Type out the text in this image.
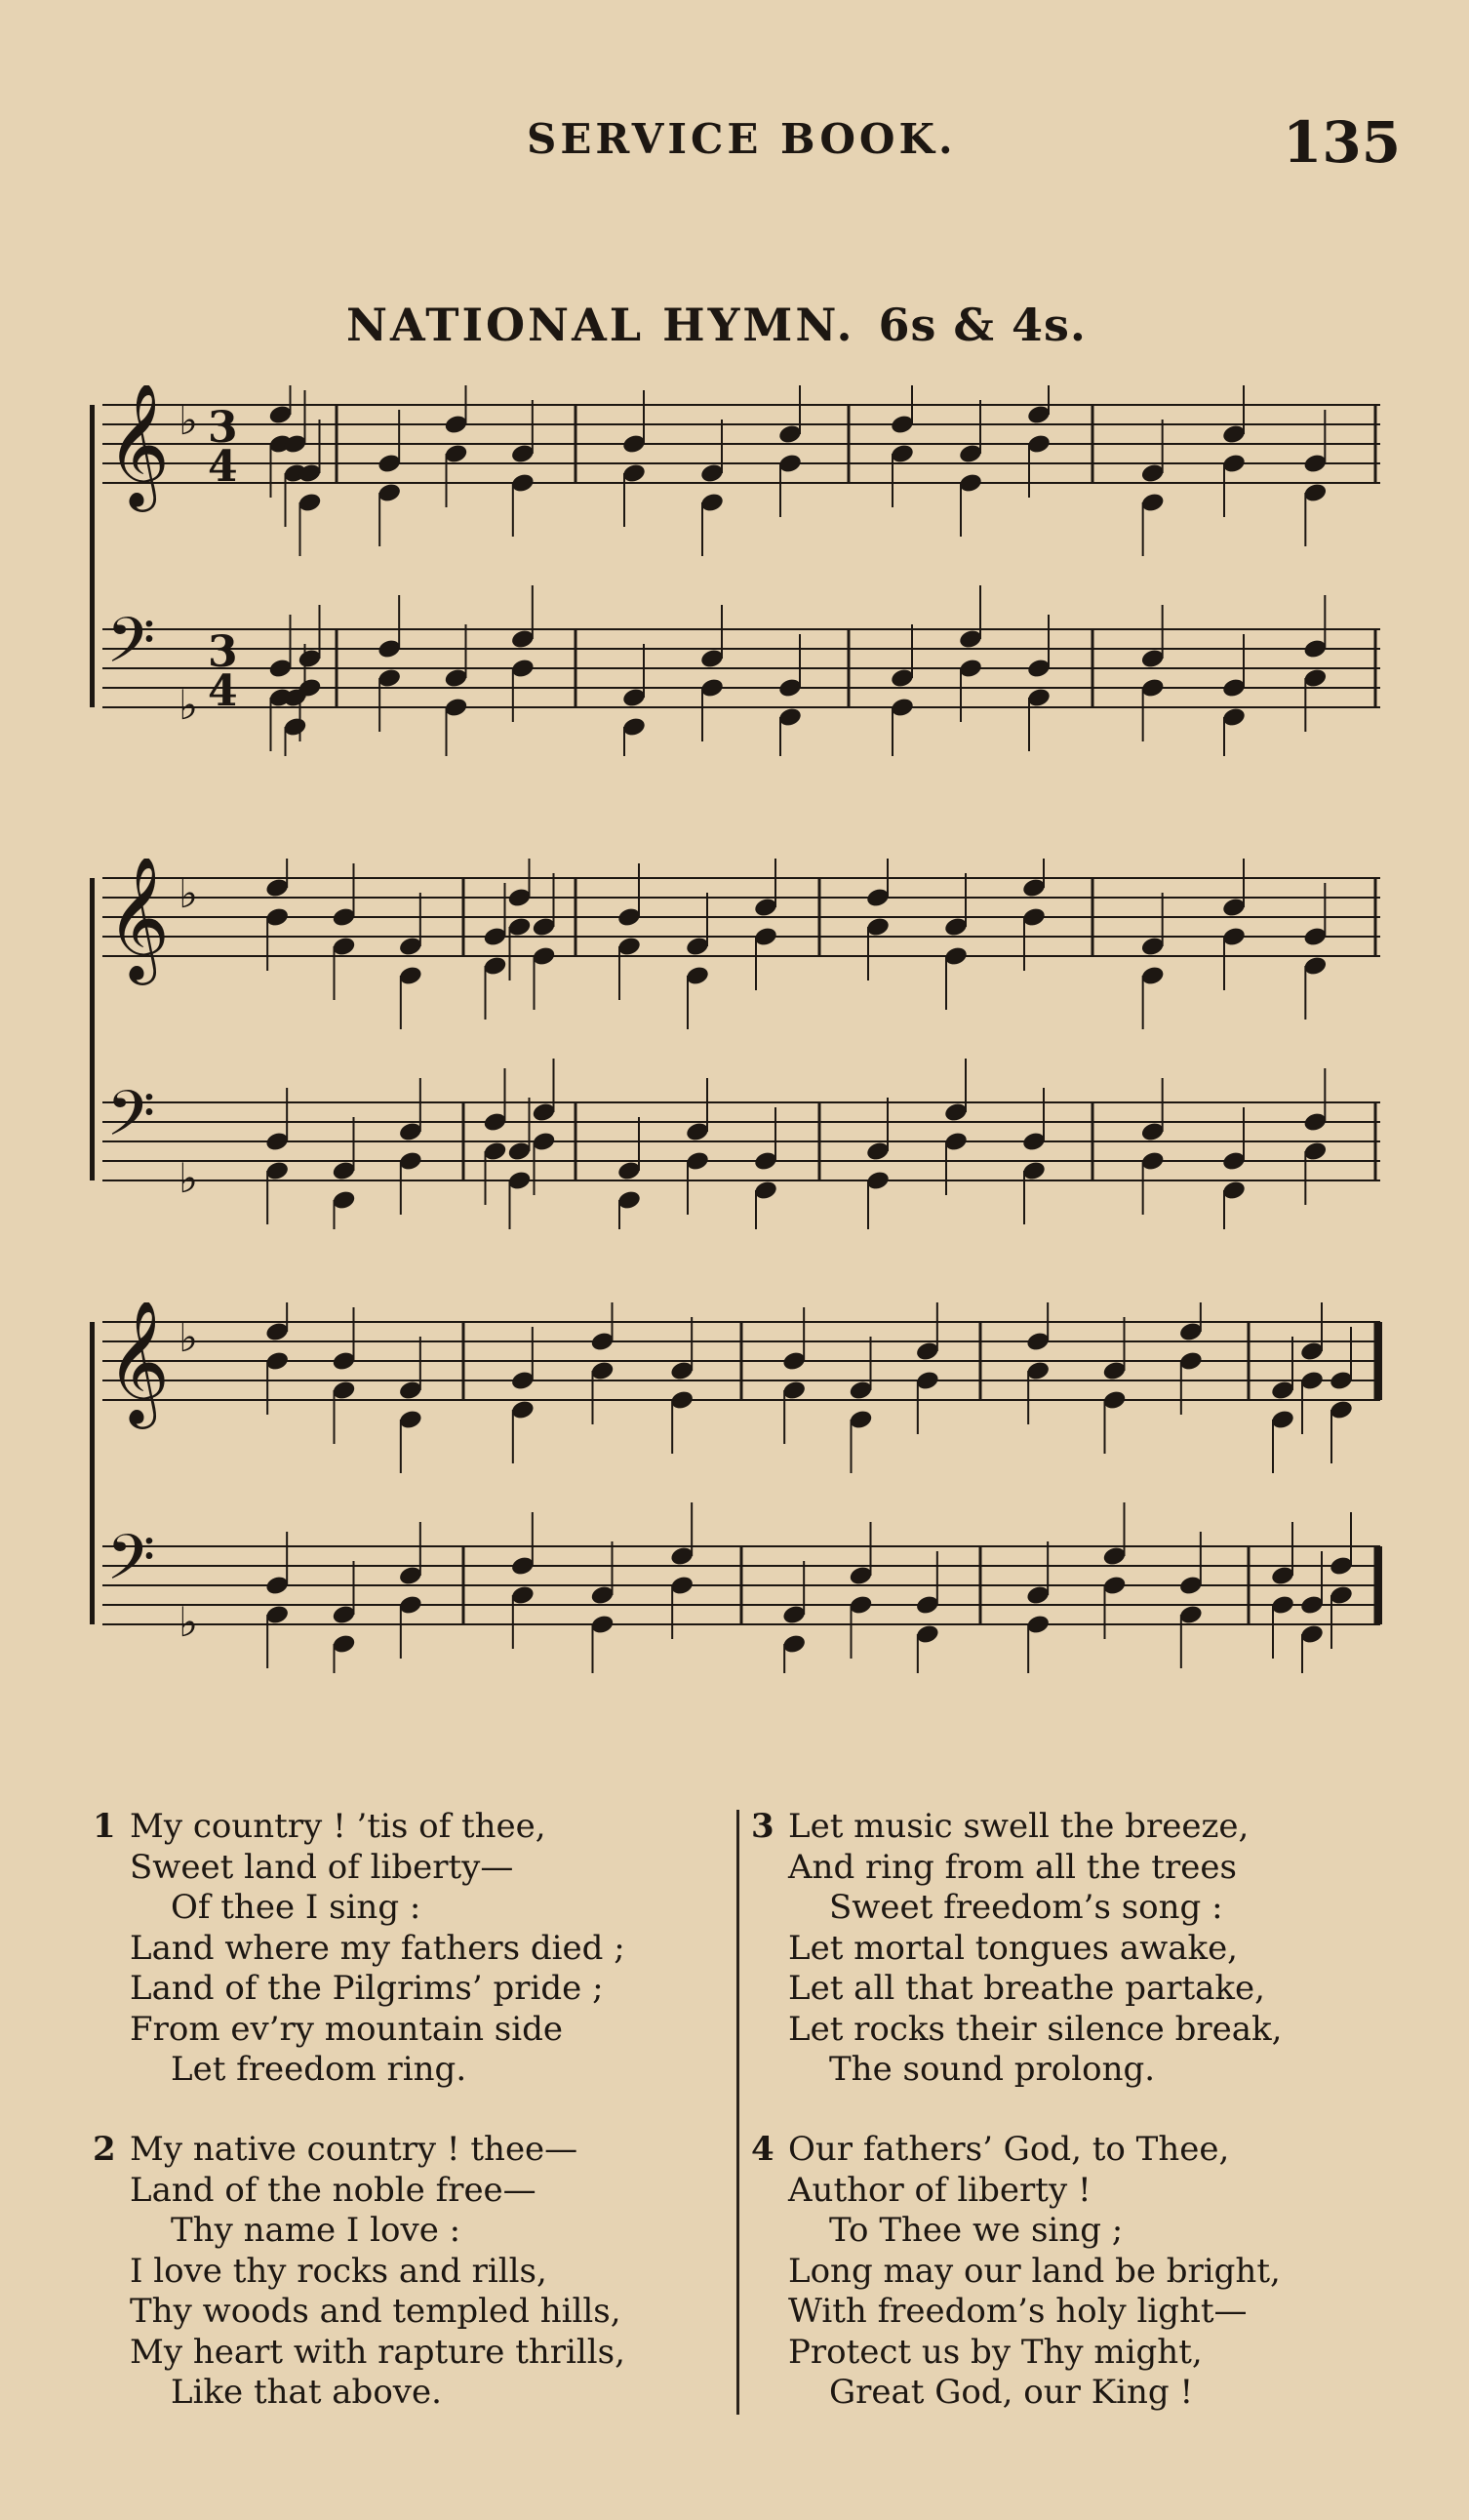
SERVICE BOOK.	135
NATIONAL HYMN. 6s & 4s.
𝄞 ♭ 3
4
𝄢
♭
3
4
𝄞 ♭
𝄢
♭
𝄞 ♭
𝄢
♭
1 My country ! ’tis of thee,
Sweet land of liberty—
Of thee I sing :
Land where my fathers died ;
Land of the Pilgrims’ pride ;
From ev’ry mountain side
Let freedom ring.
2 My native country ! thee—
Land of the noble free—
Thy name I love :
I love thy rocks and rills,
Thy woods and templed hills,
My heart with rapture thrills,
Like that above.
3 Let music swell the breeze,
And ring from all the trees
Sweet freedom’s song :
Let mortal tongues awake,
Let all that breathe partake,
Let rocks their silence break,
The sound prolong.
4 Our fathers’ God, to Thee,
Author of liberty !
To Thee we sing ;
Long may our land be bright,
With freedom’s holy light—
Protect us by Thy might,
Great God, our King !
